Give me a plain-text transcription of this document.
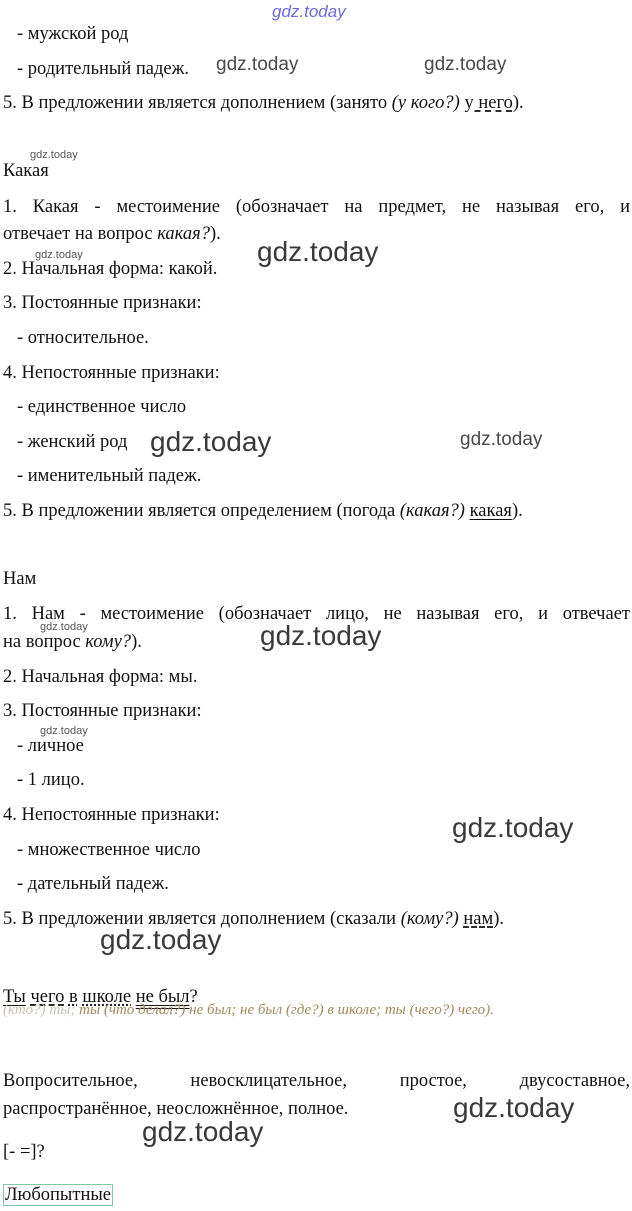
gdz.today
gdz.today	gdz.today
gdz.today
gdz.today	gdz.today
gdz.today	gdz.today
gdz.today	gdz.today
gdz.today
gdz.today
gdz.today
gdz.today
gdz.today
- мужской род
- родительный падеж.
5. В предложении является дополнением (занято (у кого?) у него).
Какая
1. Какая - местоимение (обозначает на предмет, не называя его, и
отвечает на вопрос какая?).
2. Начальная форма: какой.
3. Постоянные признаки:
- относительное.
4. Непостоянные признаки:
- единственное число
- женский род
- именительный падеж.
5. В предложении является определением (погода (какая?) какая).
Нам
1. Нам - местоимение (обозначает лицо, не называя его, и отвечает
на вопрос кому?).
2. Начальная форма: мы.
3. Постоянные признаки:
- личное
- 1 лицо.
4. Непостоянные признаки:
- множественное число
- дательный падеж.
5. В предложении является дополнением (сказали (кому?) нам).
Ты чего в школе не был?
(кто?) ты; ты (что делал?) не был; не был (где?) в школе; ты (чего?) чего).
Вопросительное, невосклицательное, простое, двусоставное,
распространённое, неосложнённое, полное.
[- =]?
Любопытные
